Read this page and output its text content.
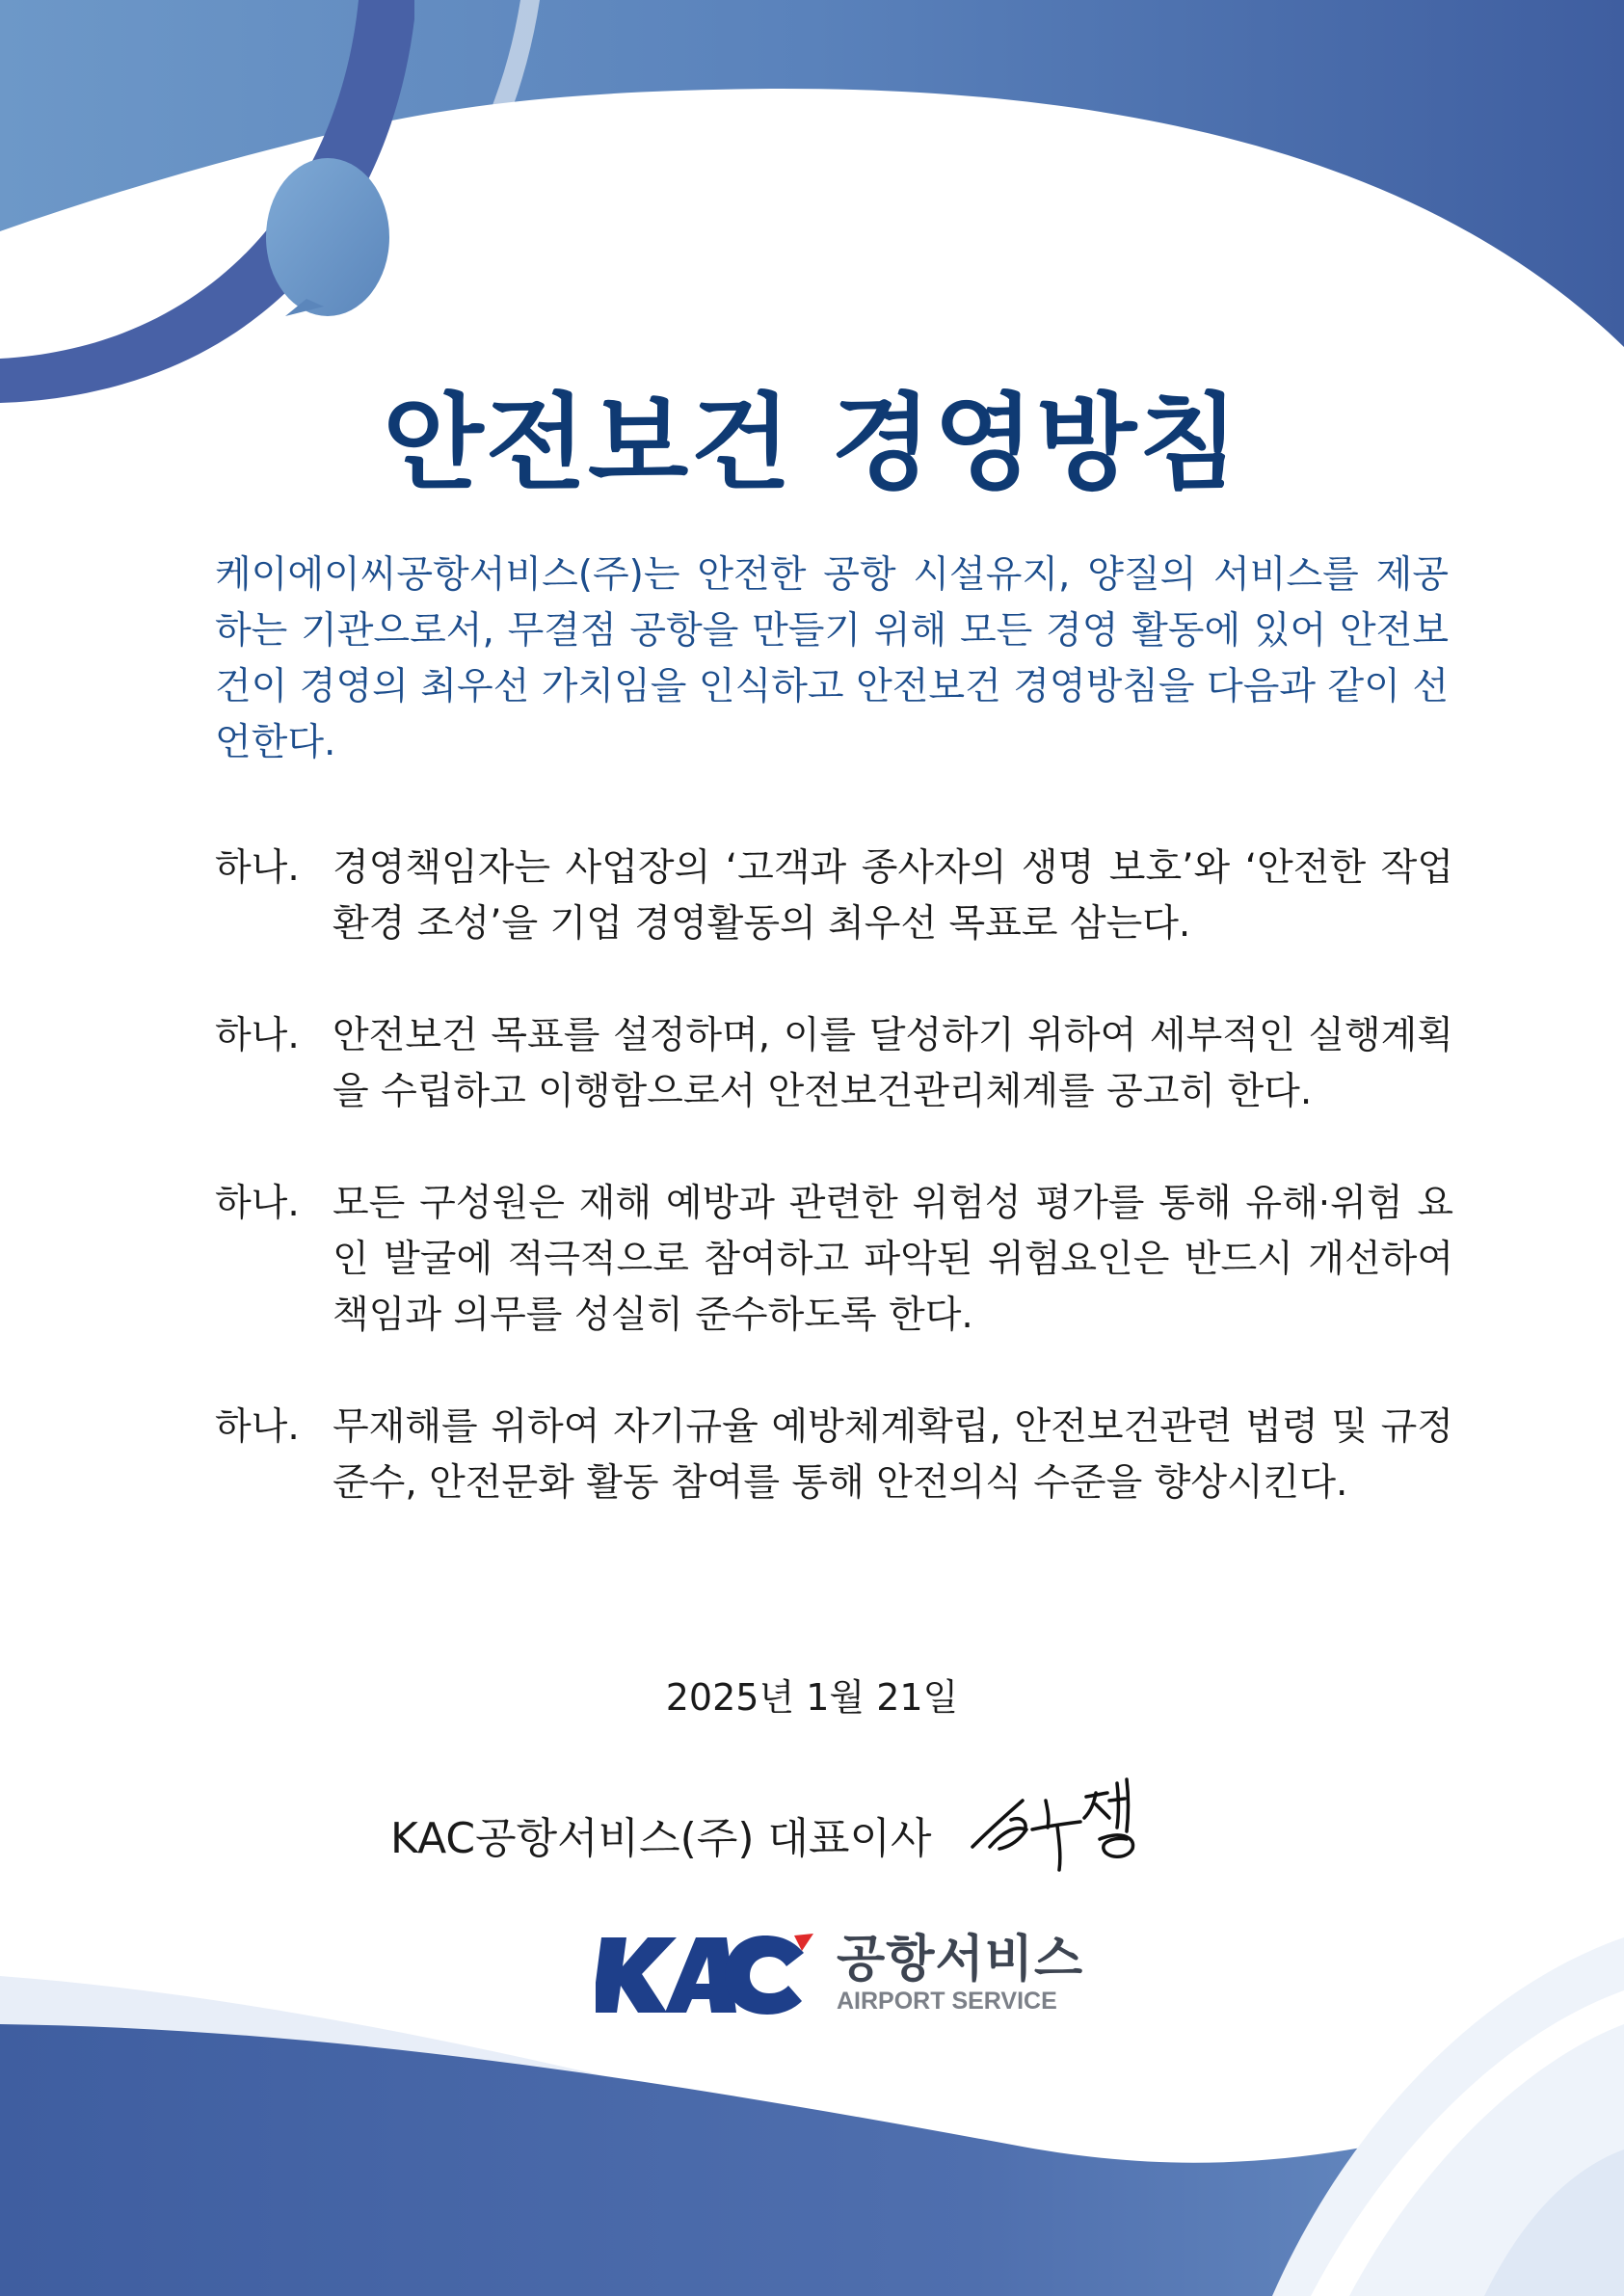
안전보건 경영방침

케이에이씨공항서비스(주)는 안전한 공항 시설유지, 양질의 서비스를 제공하는 기관으로서, 무결점 공항을 만들기 위해 모든 경영 활동에 있어 안전보건이 경영의 최우선 가치임을 인식하고 안전보건 경영방침을 다음과 같이 선언한다.

하나. 경영책임자는 사업장의 ‘고객과 종사자의 생명 보호’와 ‘안전한 작업환경 조성’을 기업 경영활동의 최우선 목표로 삼는다.
하나. 안전보건 목표를 설정하며, 이를 달성하기 위하여 세부적인 실행계획을 수립하고 이행함으로서 안전보건관리체계를 공고히 한다.
하나. 모든 구성원은 재해 예방과 관련한 위험성 평가를 통해 유해·위험 요인 발굴에 적극적으로 참여하고 파악된 위험요인은 반드시 개선하여 책임과 의무를 성실히 준수하도록 한다.
하나. 무재해를 위하여 자기규율 예방체계확립, 안전보건관련 법령 및 규정 준수, 안전문화 활동 참여를 통해 안전의식 수준을 향상시킨다.
2025년 1월 21일
KAC공항서비스(주) 대표이사
공항서비스
AIRPORT SERVICE
